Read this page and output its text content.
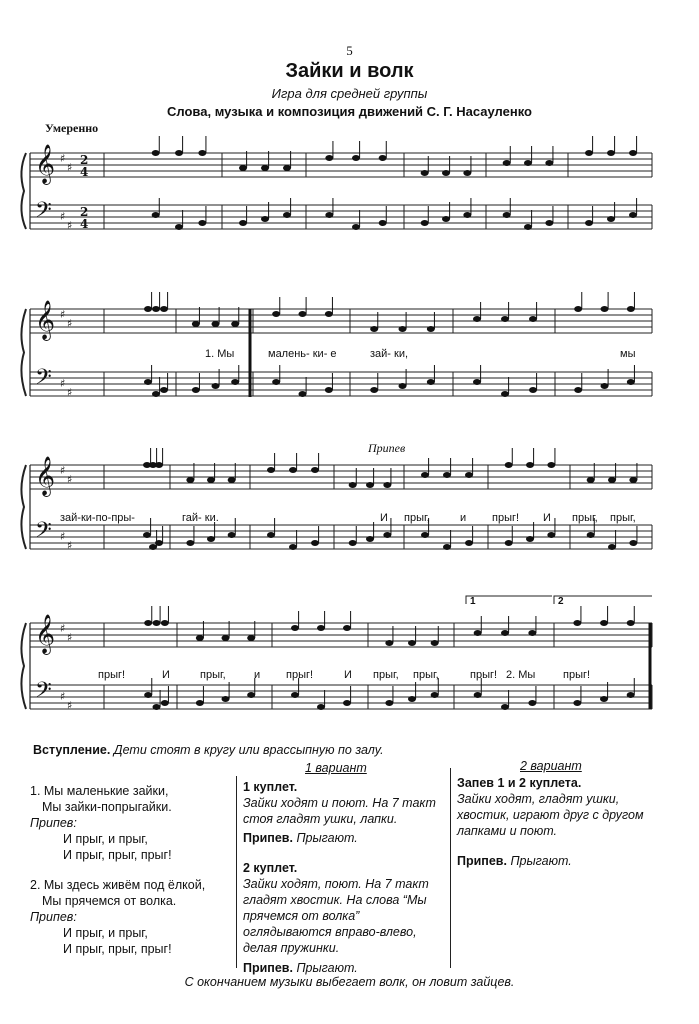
5
Зайки и волк
Игра для средней группы
Слова, музыка и композиция движений С. Г. Насауленко
Умеренно
𝄞 ♯
♯
2
4
𝄢 ♯
♯
2
4
𝄞 ♯
♯
𝄢 ♯
♯
𝄞 ♯
♯
𝄢 ♯
♯
𝄞 ♯
♯
𝄢 ♯
♯
Припев
1	2
1. Мы	малень- ки- е	зай- ки,	мы
зай-ки-по-пры-	гай- ки.	И прыг,	и прыг! И прыг, прыг,
прыг!	И	прыг,	и прыг!	И прыг, прыг,	прыг! 2. Мы	прыг!
Вступление. Дети стоят в кругу или врассыпную по залу.
1 вариант	2 вариант
1. Мы маленькие зайки,
Мы зайки-попрыгайки.
Припев:
И прыг, и прыг,
И прыг, прыг, прыг!
2. Мы здесь живём под ёлкой,
Мы прячемся от волка.
Припев:
И прыг, и прыг,
И прыг, прыг, прыг!
1 куплет.
Зайки ходят и поют. На 7 такт стоя гладят ушки, лапки.
Припев. Прыгают.
2 куплет.
Зайки ходят, поют. На 7 такт гладят хвостик. На слова “Мы прячемся от волка” оглядываются вправо-влево, делая пружинки.
Припев. Прыгают.
Запев 1 и 2 куплета.
Зайки ходят, гладят ушки, хвостик, играют друг с другом лапками и поют.
Припев. Прыгают.
С окончанием музыки выбегает волк, он ловит зайцев.
